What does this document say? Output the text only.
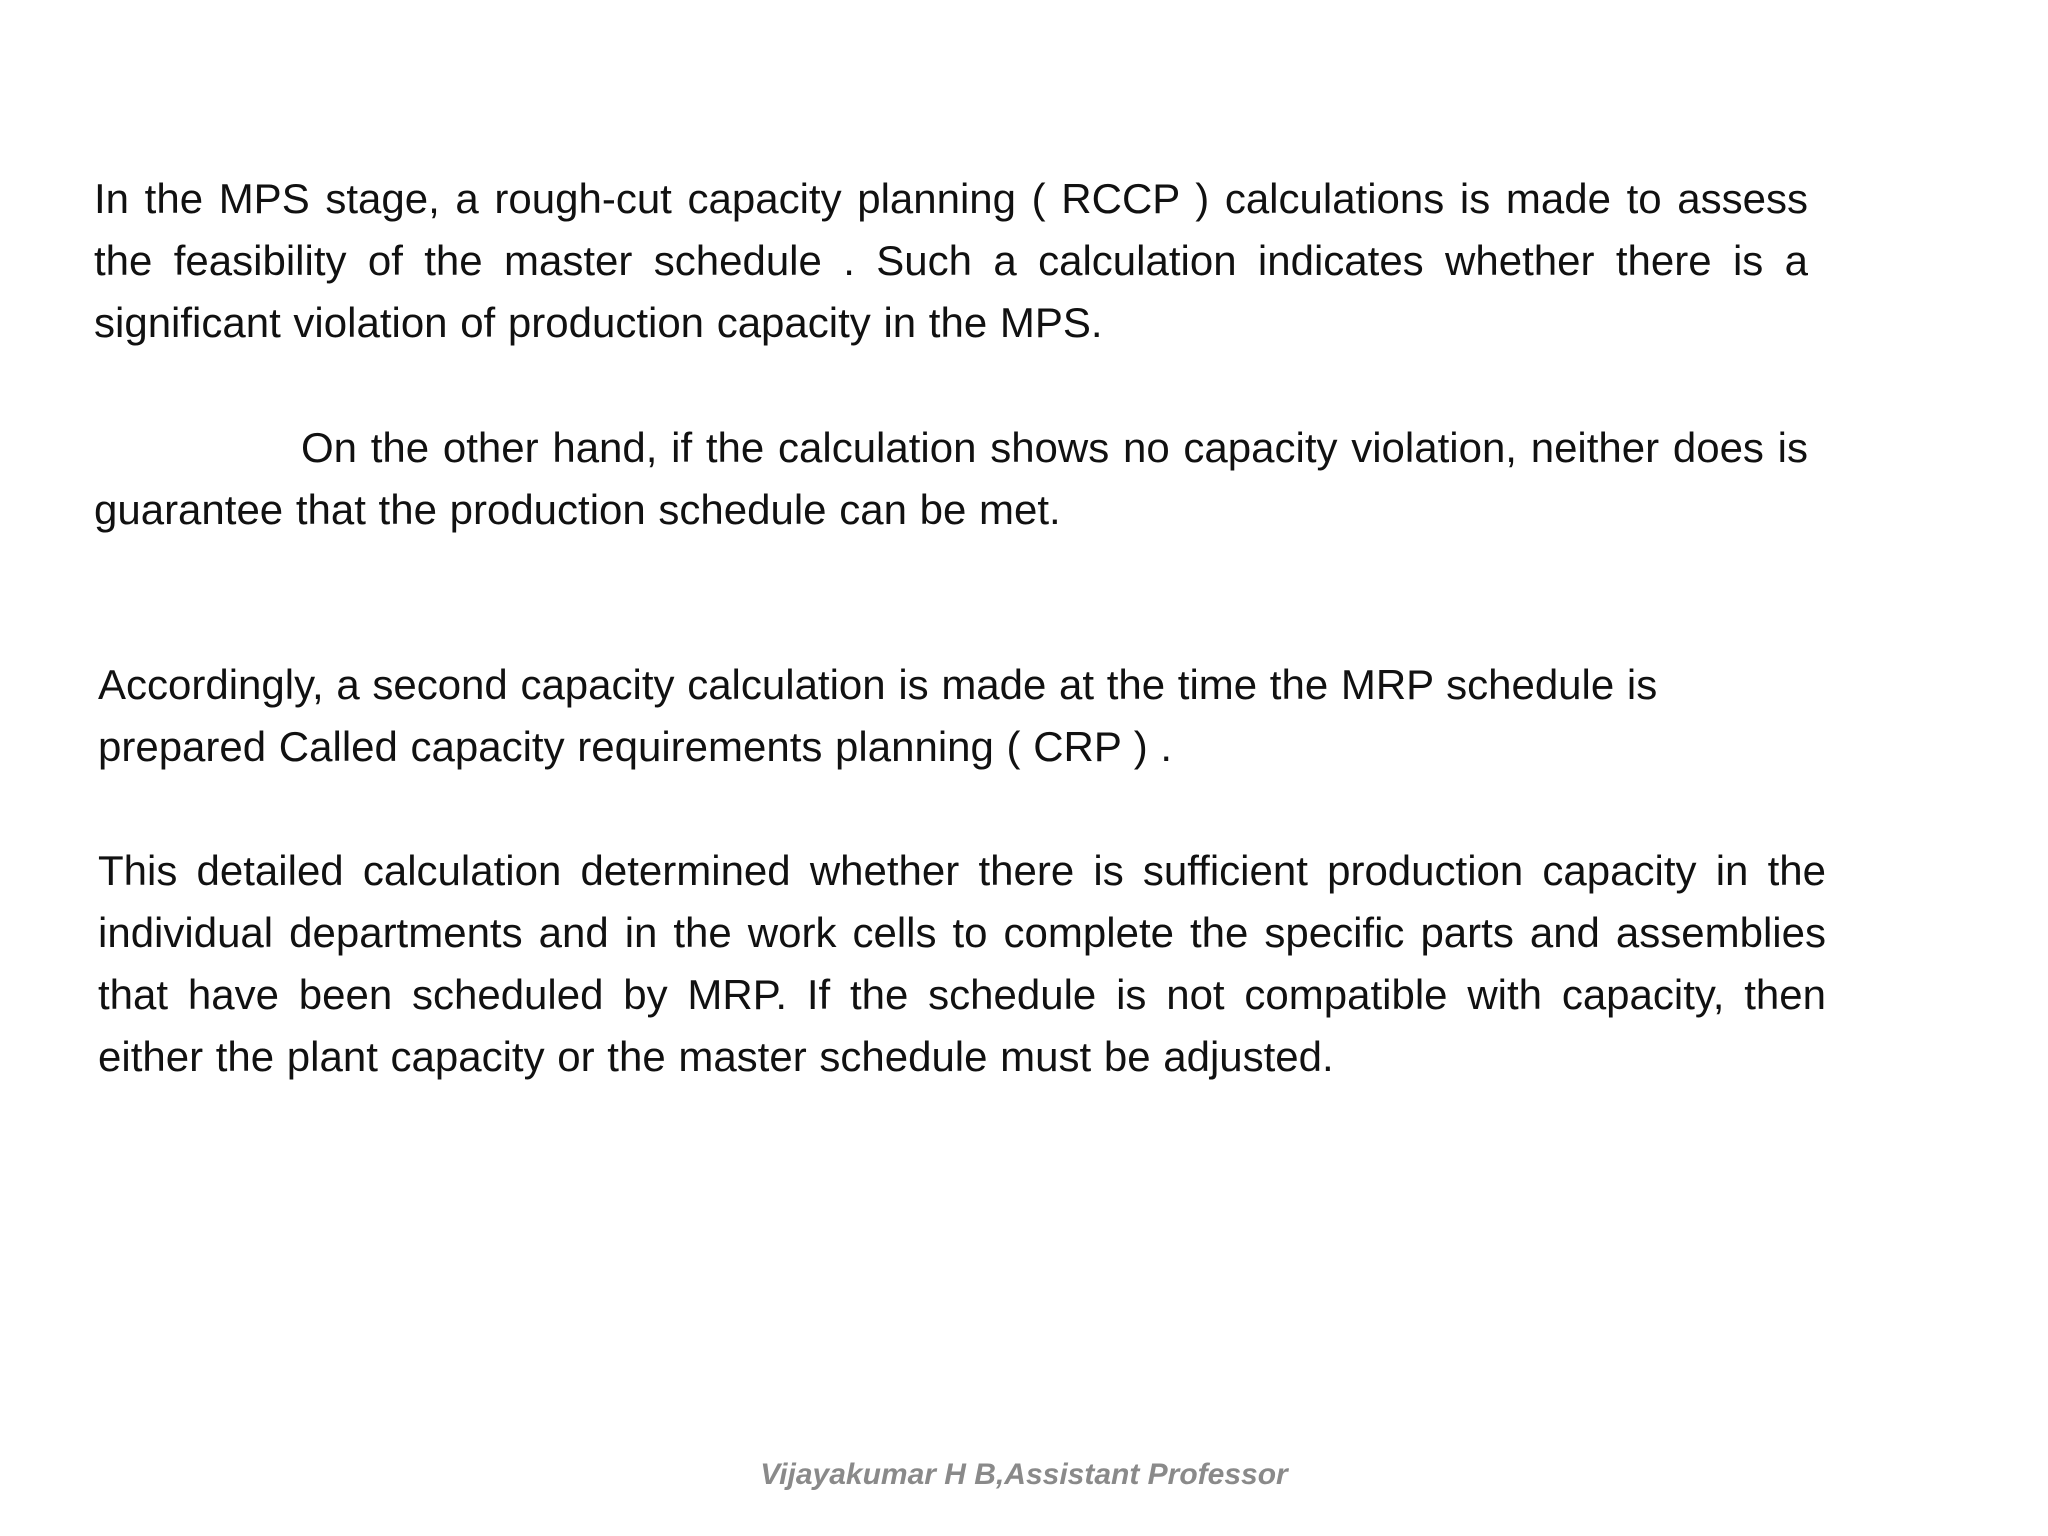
In the MPS stage, a rough-cut capacity planning ( RCCP ) calculations is made to assess the feasibility of the master schedule . Such a calculation indicates whether there is a significant violation of production capacity in the MPS.

On the other hand, if the calculation shows no capacity violation, neither does is guarantee that the production schedule can be met.

Accordingly, a second capacity calculation is made at the time the MRP schedule is prepared Called capacity requirements planning ( CRP ) .

This detailed calculation determined whether there is sufficient production capacity in the individual departments and in the work cells to complete the specific parts and assemblies that have been scheduled by MRP. If the schedule is not compatible with capacity, then either the plant capacity or the master schedule must be adjusted.

Vijayakumar H B,Assistant Professor
